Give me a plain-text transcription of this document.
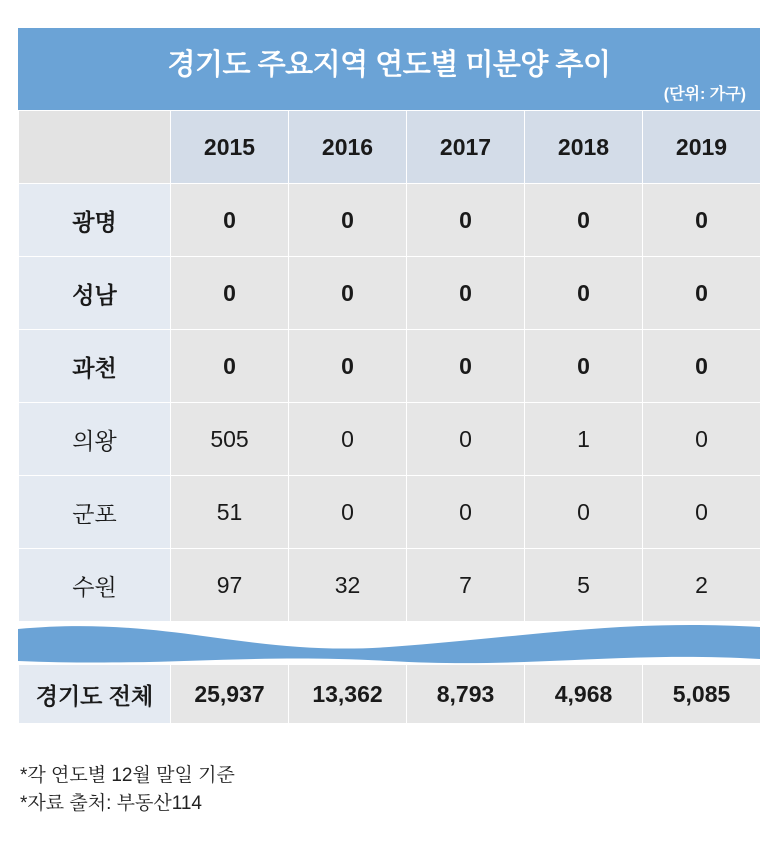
경기도 주요지역 연도별 미분양 추이
(단위: 가구)
	2015	2016	2017	2018	2019
광명	0	0	0	0	0
성남	0	0	0	0	0
과천	0	0	0	0	0
의왕	505	0	0	1	0
군포	51	0	0	0	0
수원	97	32	7	5	2
경기도 전체	25,937	13,362	8,793	4,968	5,085
*각 연도별 12월 말일 기준
*자료 출처: 부동산114
